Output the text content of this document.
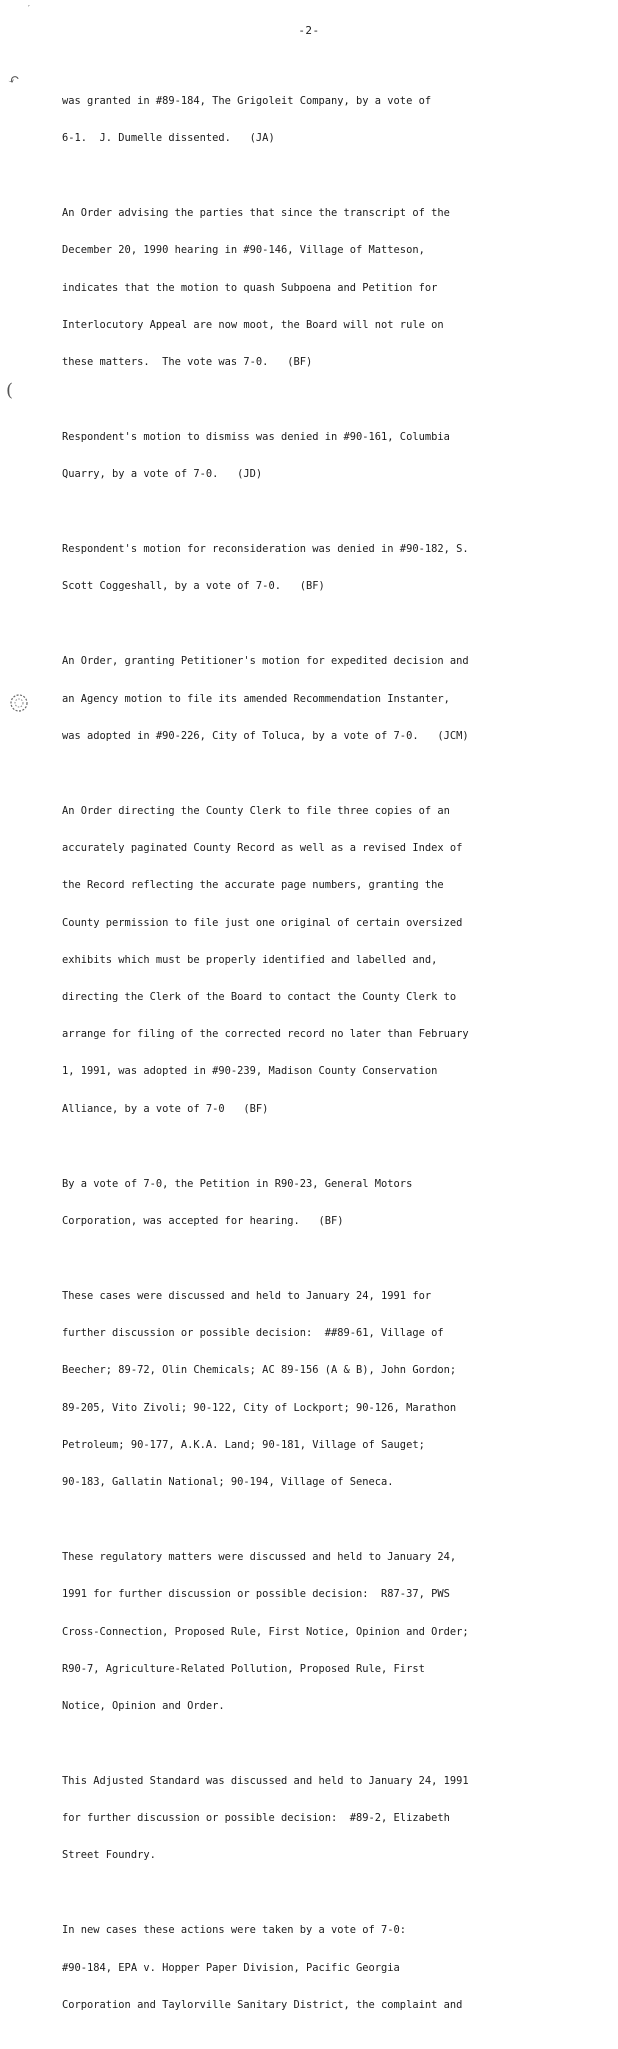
′
↶
(
-2-

was granted in #89-184, The Grigoleit Company, by a vote of

6-1.  J. Dumelle dissented.   (JA)

An Order advising the parties that since the transcript of the

December 20, 1990 hearing in #90-146, Village of Matteson,

indicates that the motion to quash Subpoena and Petition for

Interlocutory Appeal are now moot, the Board will not rule on

these matters.  The vote was 7-0.   (BF)

Respondent's motion to dismiss was denied in #90-161, Columbia

Quarry, by a vote of 7-0.   (JD)

Respondent's motion for reconsideration was denied in #90-182, S.

Scott Coggeshall, by a vote of 7-0.   (BF)

An Order, granting Petitioner's motion for expedited decision and

an Agency motion to file its amended Recommendation Instanter,

was adopted in #90-226, City of Toluca, by a vote of 7-0.   (JCM)

An Order directing the County Clerk to file three copies of an

accurately paginated County Record as well as a revised Index of

the Record reflecting the accurate page numbers, granting the

County permission to file just one original of certain oversized

exhibits which must be properly identified and labelled and,

directing the Clerk of the Board to contact the County Clerk to

arrange for filing of the corrected record no later than February

1, 1991, was adopted in #90-239, Madison County Conservation

Alliance, by a vote of 7-0   (BF)

By a vote of 7-0, the Petition in R90-23, General Motors

Corporation, was accepted for hearing.   (BF)

These cases were discussed and held to January 24, 1991 for

further discussion or possible decision:  ##89-61, Village of

Beecher; 89-72, Olin Chemicals; AC 89-156 (A & B), John Gordon;

89-205, Vito Zivoli; 90-122, City of Lockport; 90-126, Marathon

Petroleum; 90-177, A.K.A. Land; 90-181, Village of Sauget;

90-183, Gallatin National; 90-194, Village of Seneca.

These regulatory matters were discussed and held to January 24,

1991 for further discussion or possible decision:  R87-37, PWS

Cross-Connection, Proposed Rule, First Notice, Opinion and Order;

R90-7, Agriculture-Related Pollution, Proposed Rule, First

Notice, Opinion and Order.

This Adjusted Standard was discussed and held to January 24, 1991

for further discussion or possible decision:  #89-2, Elizabeth

Street Foundry.

In new cases these actions were taken by a vote of 7-0:

#90-184, EPA v. Hopper Paper Division, Pacific Georgia

Corporation and Taylorville Sanitary District, the complaint and
